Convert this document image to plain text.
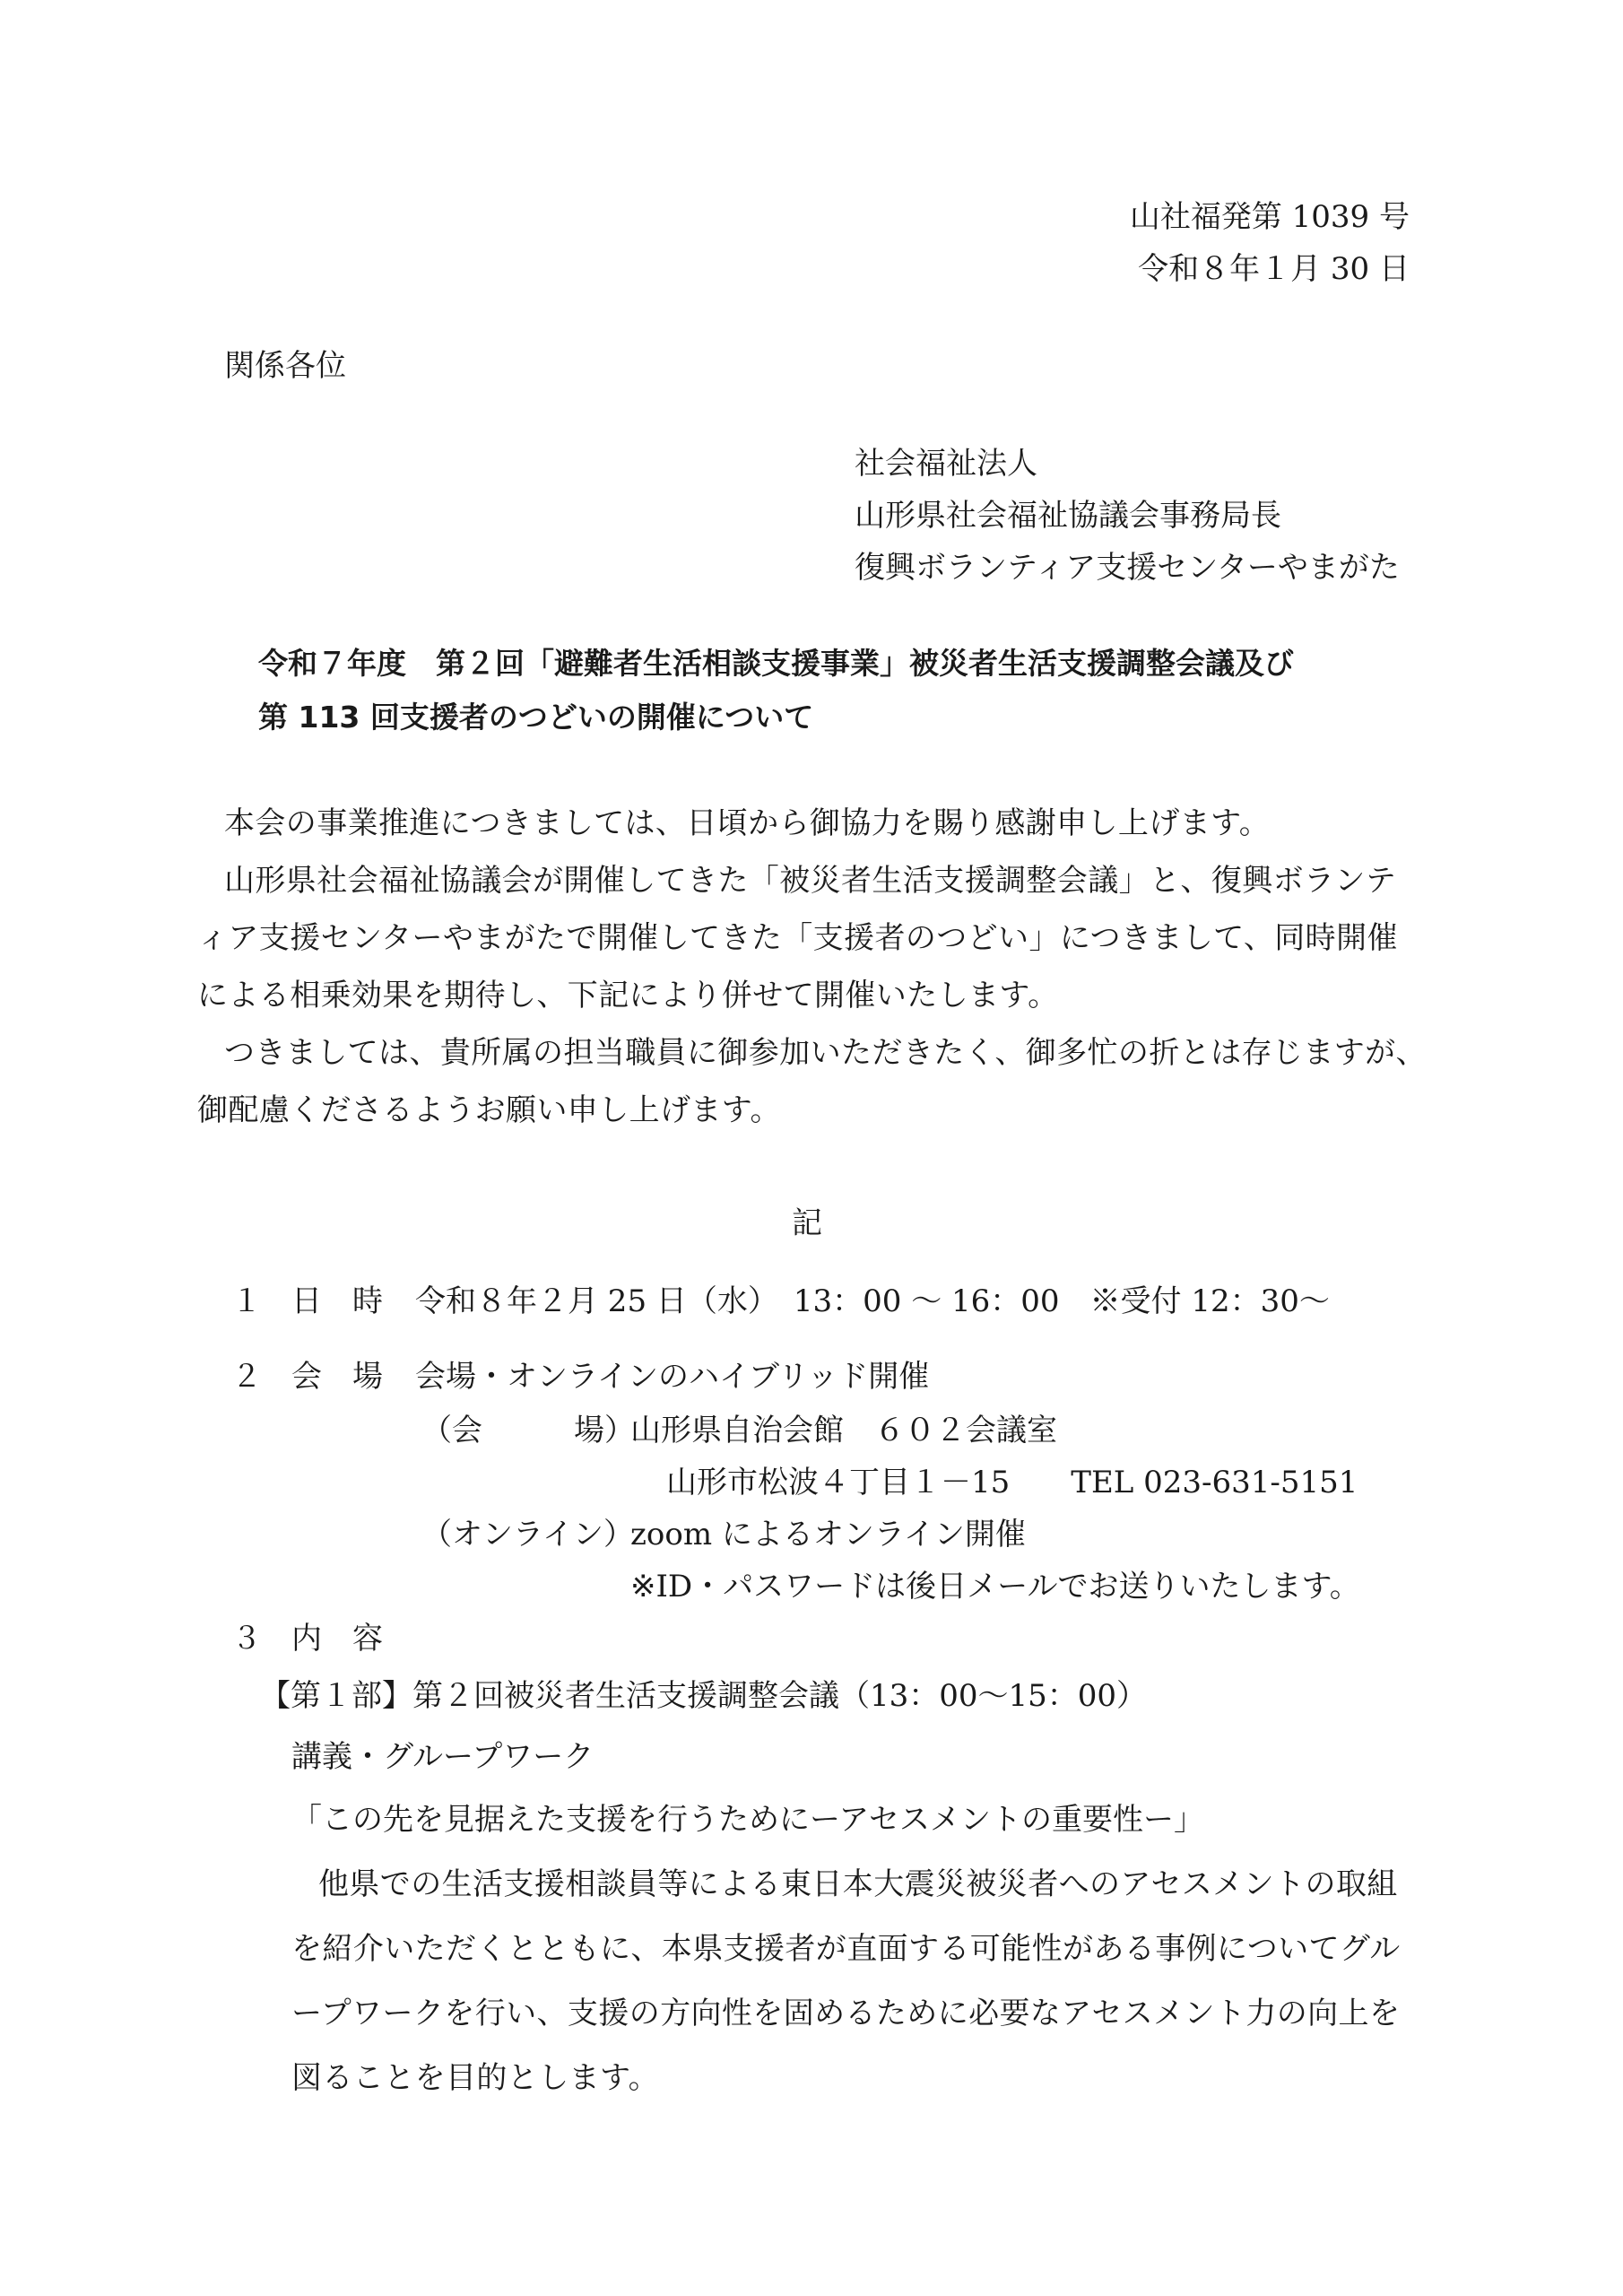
山社福発第 1039 号
令和８年１月 30 日
関係各位
社会福祉法人
山形県社会福祉協議会事務局長
復興ボランティア支援センターやまがた
令和７年度　第２回「避難者生活相談支援事業」被災者生活支援調整会議及び
第 113 回支援者のつどいの開催について
本会の事業推進につきましては、日頃から御協力を賜り感謝申し上げます。
山形県社会福祉協議会が開催してきた「被災者生活支援調整会議」と、復興ボランテ
ィア支援センターやまがたで開催してきた「支援者のつどい」につきまして、同時開催
による相乗効果を期待し、下記により併せて開催いたします。
つきましては、貴所属の担当職員に御参加いただきたく、御多忙の折とは存じますが、
御配慮くださるようお願い申し上げます。
記
１ 日　時 令和８年２月 25 日（水）　13：00 ～ 16：00　※受付 12：30～
２ 会　場 会場・オンラインのハイブリッド開催
（会　　　場）
山形県自治会館　６０２会議室
山形市松波４丁目１－15　　TEL 023-631-5151
（オンライン）
zoom によるオンライン開催
※ID・パスワードは後日メールでお送りいたします。
３ 内　容
【第１部】第２回被災者生活支援調整会議（13：00～15：00）
講義・グループワーク
「この先を見据えた支援を行うためにーアセスメントの重要性ー」
他県での生活支援相談員等による東日本大震災被災者へのアセスメントの取組
を紹介いただくとともに、本県支援者が直面する可能性がある事例についてグル
ープワークを行い、支援の方向性を固めるために必要なアセスメント力の向上を
図ることを目的とします。
